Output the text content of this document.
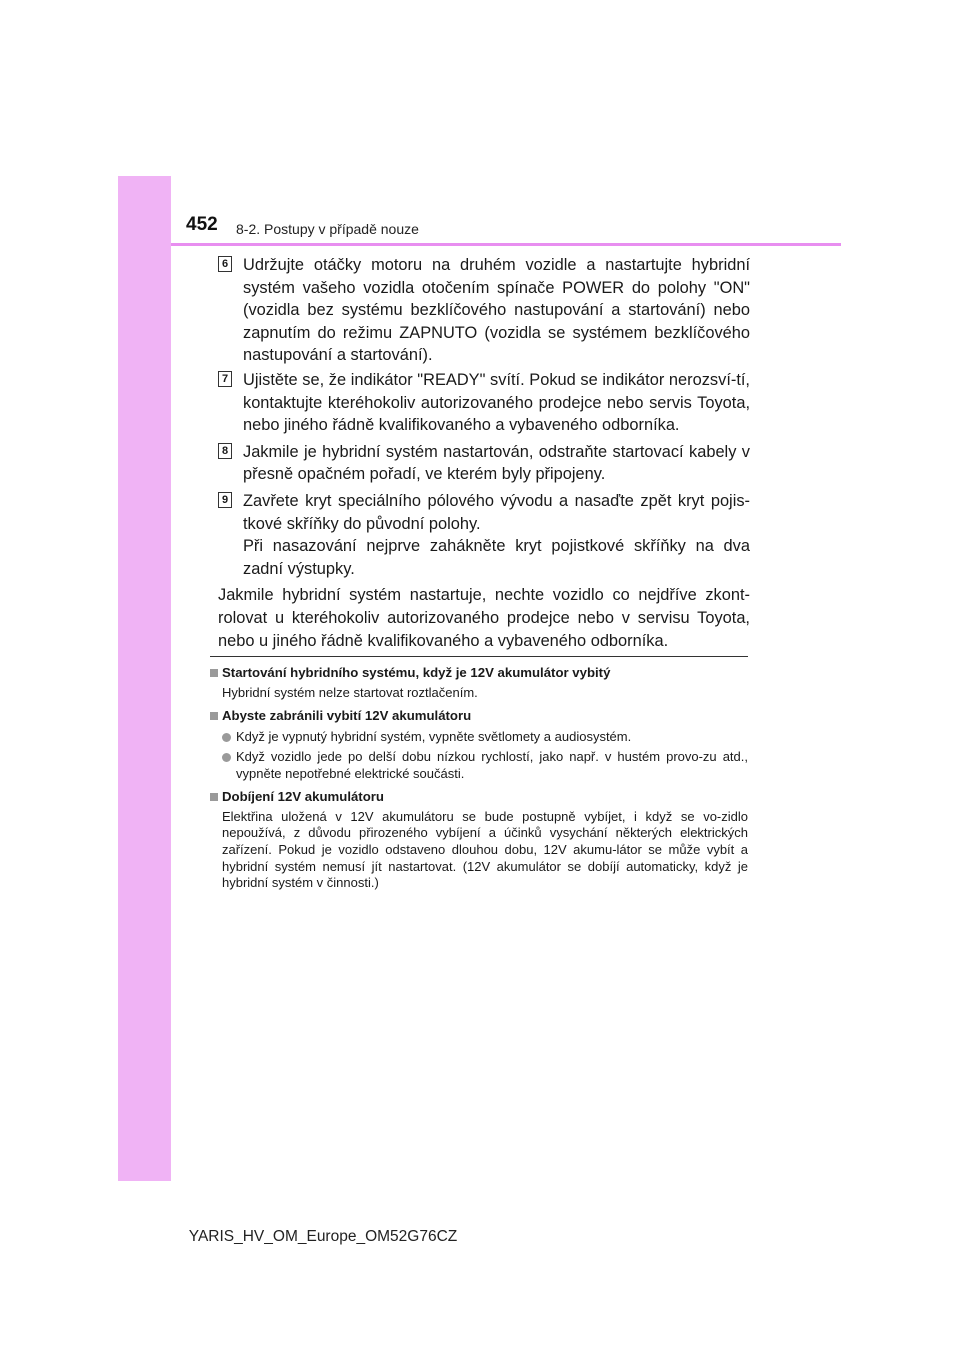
452 8-2. Postupy v případě nouze
6 Udržujte otáčky motoru na druhém vozidle a nastartujte hybridní systém vašeho vozidla otočením spínače POWER do polohy "ON" (vozidla bez systému bezklíčového nastupování a startování) nebo zapnutím do režimu ZAPNUTO (vozidla se systémem bezklíčového nastupování a startování).
7 Ujistěte se, že indikátor "READY" svítí. Pokud se indikátor nerozsví-tí, kontaktujte kteréhokoliv autorizovaného prodejce nebo servis Toyota, nebo jiného řádně kvalifikovaného a vybaveného odborníka.
8 Jakmile je hybridní systém nastartován, odstraňte startovací kabely v přesně opačném pořadí, ve kterém byly připojeny.
9 Zavřete kryt speciálního pólového vývodu a nasaďte zpět kryt pojis-tkové skříňky do původní polohy.
Při nasazování nejprve zahákněte kryt pojistkové skříňky na dva zadní výstupky.
Jakmile hybridní systém nastartuje, nechte vozidlo co nejdříve zkont-rolovat u kteréhokoliv autorizovaného prodejce nebo v servisu Toyota, nebo u jiného řádně kvalifikovaného a vybaveného odborníka.
Startování hybridního systému, když je 12V akumulátor vybitý
Hybridní systém nelze startovat roztlačením.
Abyste zabránili vybití 12V akumulátoru
Když je vypnutý hybridní systém, vypněte světlomety a audiosystém.
Když vozidlo jede po delší dobu nízkou rychlostí, jako např. v hustém provo-zu atd., vypněte nepotřebné elektrické součásti.
Dobíjení 12V akumulátoru
Elektřina uložená v 12V akumulátoru se bude postupně vybíjet, i když se vo-zidlo nepoužívá, z důvodu přirozeného vybíjení a účinků vysychání některých elektrických zařízení. Pokud je vozidlo odstaveno dlouhou dobu, 12V akumu-látor se může vybít a hybridní systém nemusí jít nastartovat. (12V akumulátor se dobíjí automaticky, když je hybridní systém v činnosti.)
YARIS_HV_OM_Europe_OM52G76CZ
